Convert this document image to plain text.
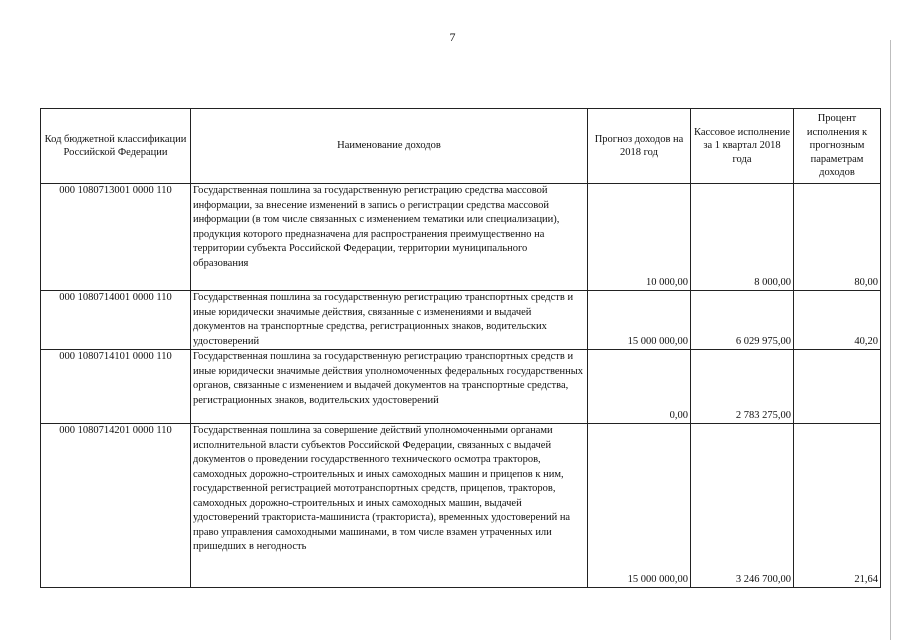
7
Код бюджетной классификации Российской Федерации	Наименование доходов	Прогноз доходов на 2018 год	Кассовое исполнение за 1 квартал 2018 года	Процент исполнения к прогнозным параметрам доходов
000 1080713001 0000 110	Государственная пошлина за государственную регистрацию средства массовой информации, за внесение изменений в запись о регистрации средства массовой информации (в том числе связанных с изменением тематики или специализации), продукция которого предназначена для распространения преимущественно на территории субъекта Российской Федерации, территории муниципального образования	10 000,00	8 000,00	80,00
000 1080714001 0000 110	Государственная пошлина за государственную регистрацию транспортных средств и иные юридически значимые действия, связанные с изменениями и выдачей документов на транспортные средства, регистрационных знаков, водительских удостоверений	15 000 000,00	6 029 975,00	40,20
000 1080714101 0000 110	Государственная пошлина за государственную регистрацию транспортных средств и иные юридически значимые действия уполномоченных федеральных государственных органов, связанные с изменением и выдачей документов на транспортные средства, регистрационных знаков, водительских удостоверений	0,00	2 783 275,00	
000 1080714201 0000 110	Государственная пошлина за совершение действий уполномоченными органами исполнительной власти субъектов Российской Федерации, связанных с выдачей документов о проведении государственного технического осмотра тракторов, самоходных дорожно-строительных и иных самоходных машин и прицепов к ним, государственной регистрацией мототранспортных средств, прицепов, тракторов, самоходных дорожно-строительных и иных самоходных машин, выдачей удостоверений тракториста-машиниста (тракториста), временных удостоверений на право управления самоходными машинами, в том числе взамен утраченных или пришедших в негодность	15 000 000,00	3 246 700,00	21,64
